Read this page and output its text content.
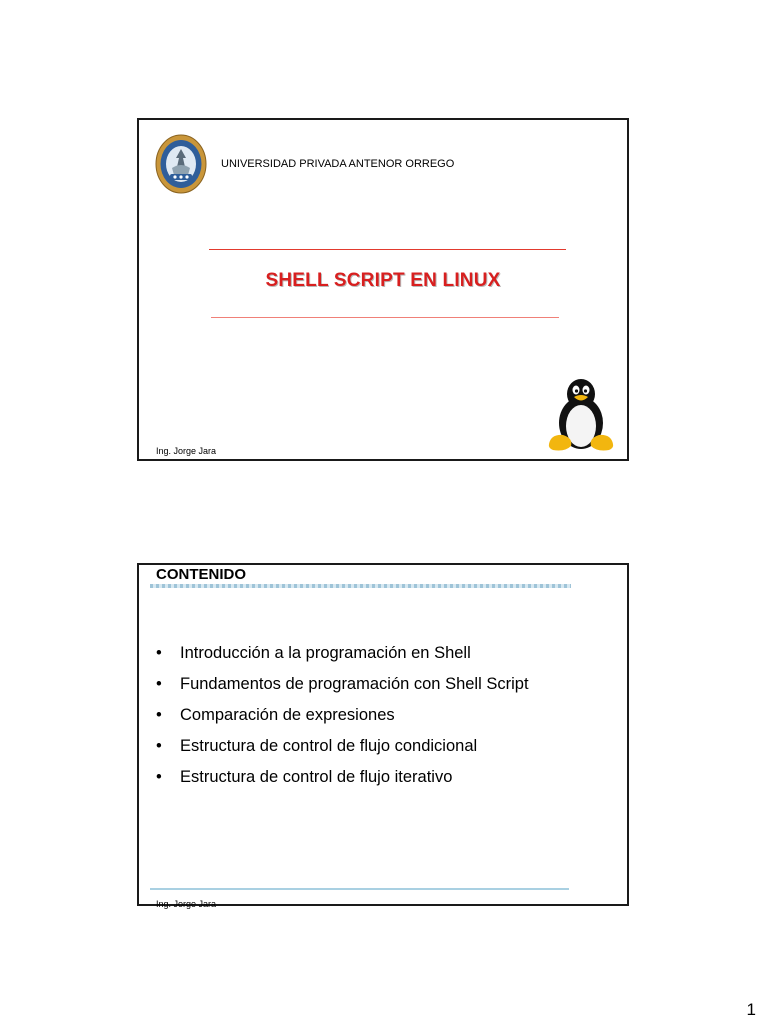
UNIVERSIDAD PRIVADA ANTENOR ORREGO
SHELL SCRIPT EN LINUX
Ing. Jorge Jara
CONTENIDO
• Introducción a la programación en Shell
• Fundamentos de programación con Shell Script
• Comparación de expresiones
• Estructura de control de flujo condicional
• Estructura de control de flujo iterativo
Ing. Jorge Jara
1
